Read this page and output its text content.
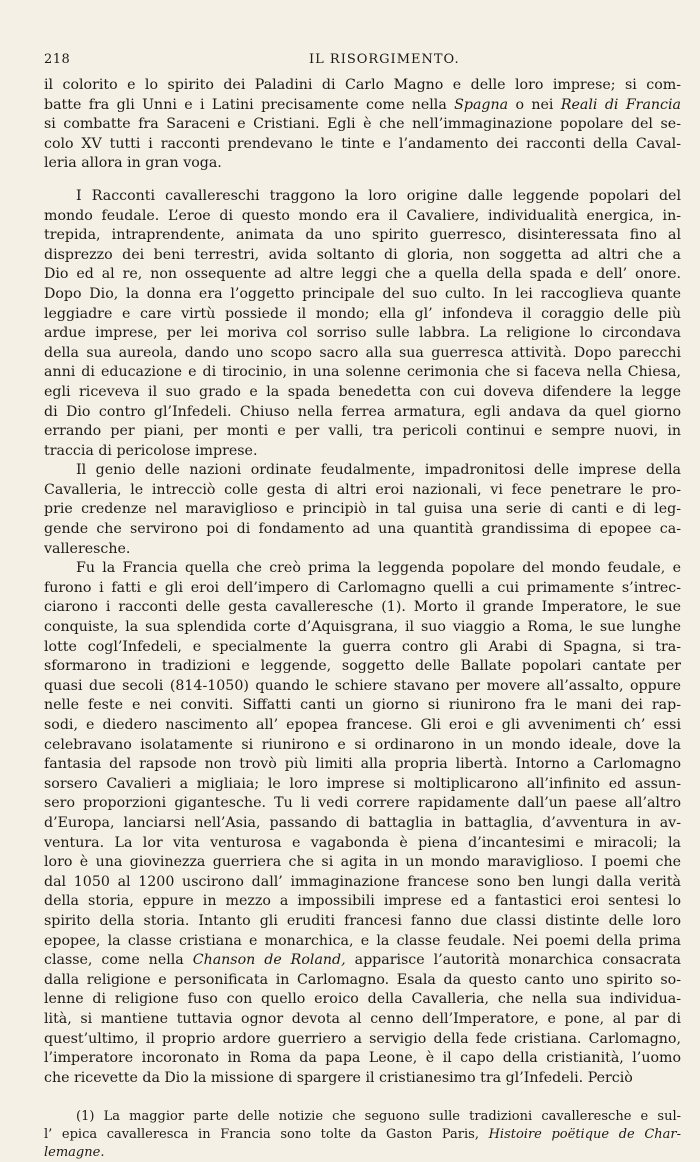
218	IL RISORGIMENTO.
il colorito e lo spirito dei Paladini di Carlo Magno e delle loro imprese; si com-
batte fra gli Unni e i Latini precisamente come nella Spagna o nei Reali di Francia
si combatte fra Saraceni e Cristiani. Egli è che nell’immaginazione popolare del se-
colo XV tutti i racconti prendevano le tinte e l’andamento dei racconti della Caval-
leria allora in gran voga.
I Racconti cavallereschi traggono la loro origine dalle leggende popolari del
mondo feudale. L’eroe di questo mondo era il Cavaliere, individualità energica, in-
trepida, intraprendente, animata da uno spirito guerresco, disinteressata fino al
disprezzo dei beni terrestri, avida soltanto di gloria, non soggetta ad altri che a
Dio ed al re, non ossequente ad altre leggi che a quella della spada e dell’ onore.
Dopo Dio, la donna era l’oggetto principale del suo culto. In lei raccoglieva quante
leggiadre e care virtù possiede il mondo; ella gl’ infondeva il coraggio delle più
ardue imprese, per lei moriva col sorriso sulle labbra. La religione lo circondava
della sua aureola, dando uno scopo sacro alla sua guerresca attività. Dopo parecchi
anni di educazione e di tirocinio, in una solenne cerimonia che si faceva nella Chiesa,
egli riceveva il suo grado e la spada benedetta con cui doveva difendere la legge
di Dio contro gl’Infedeli. Chiuso nella ferrea armatura, egli andava da quel giorno
errando per piani, per monti e per valli, tra pericoli continui e sempre nuovi, in
traccia di pericolose imprese.
Il genio delle nazioni ordinate feudalmente, impadronitosi delle imprese della
Cavalleria, le intrecciò colle gesta di altri eroi nazionali, vi fece penetrare le pro-
prie credenze nel maraviglioso e principiò in tal guisa una serie di canti e di leg-
gende che servirono poi di fondamento ad una quantità grandissima di epopee ca-
valleresche.
Fu la Francia quella che creò prima la leggenda popolare del mondo feudale, e
furono i fatti e gli eroi dell’impero di Carlomagno quelli a cui primamente s’intrec-
ciarono i racconti delle gesta cavalleresche (1). Morto il grande Imperatore, le sue
conquiste, la sua splendida corte d’Aquisgrana, il suo viaggio a Roma, le sue lunghe
lotte cogl’Infedeli, e specialmente la guerra contro gli Arabi di Spagna, si tra-
sformarono in tradizioni e leggende, soggetto delle Ballate popolari cantate per
quasi due secoli (814-1050) quando le schiere stavano per movere all’assalto, oppure
nelle feste e nei conviti. Siffatti canti un giorno si riunirono fra le mani dei rap-
sodi, e diedero nascimento all’ epopea francese. Gli eroi e gli avvenimenti ch’ essi
celebravano isolatamente si riunirono e si ordinarono in un mondo ideale, dove la
fantasia del rapsode non trovò più limiti alla propria libertà. Intorno a Carlomagno
sorsero Cavalieri a migliaia; le loro imprese si moltiplicarono all’infinito ed assun-
sero proporzioni gigantesche. Tu li vedi correre rapidamente dall’un paese all’altro
d’Europa, lanciarsi nell’Asia, passando di battaglia in battaglia, d’avventura in av-
ventura. La lor vita venturosa e vagabonda è piena d’incantesimi e miracoli; la
loro è una giovinezza guerriera che si agita in un mondo maraviglioso. I poemi che
dal 1050 al 1200 uscirono dall’ immaginazione francese sono ben lungi dalla verità
della storia, eppure in mezzo a impossibili imprese ed a fantastici eroi sentesi lo
spirito della storia. Intanto gli eruditi francesi fanno due classi distinte delle loro
epopee, la classe cristiana e monarchica, e la classe feudale. Nei poemi della prima
classe, come nella Chanson de Roland, apparisce l’autorità monarchica consacrata
dalla religione e personificata in Carlomagno. Esala da questo canto uno spirito so-
lenne di religione fuso con quello eroico della Cavalleria, che nella sua individua-
lità, si mantiene tuttavia ognor devota al cenno dell’Imperatore, e pone, al par di
quest’ultimo, il proprio ardore guerriero a servigio della fede cristiana. Carlomagno,
l’imperatore incoronato in Roma da papa Leone, è il capo della cristianità, l’uomo
che ricevette da Dio la missione di spargere il cristianesimo tra gl’Infedeli. Perciò
(1) La maggior parte delle notizie che seguono sulle tradizioni cavalleresche e sul-
l’ epica cavalleresca in Francia sono tolte da Gaston Paris, Histoire poëtique de Char-
lemagne.
